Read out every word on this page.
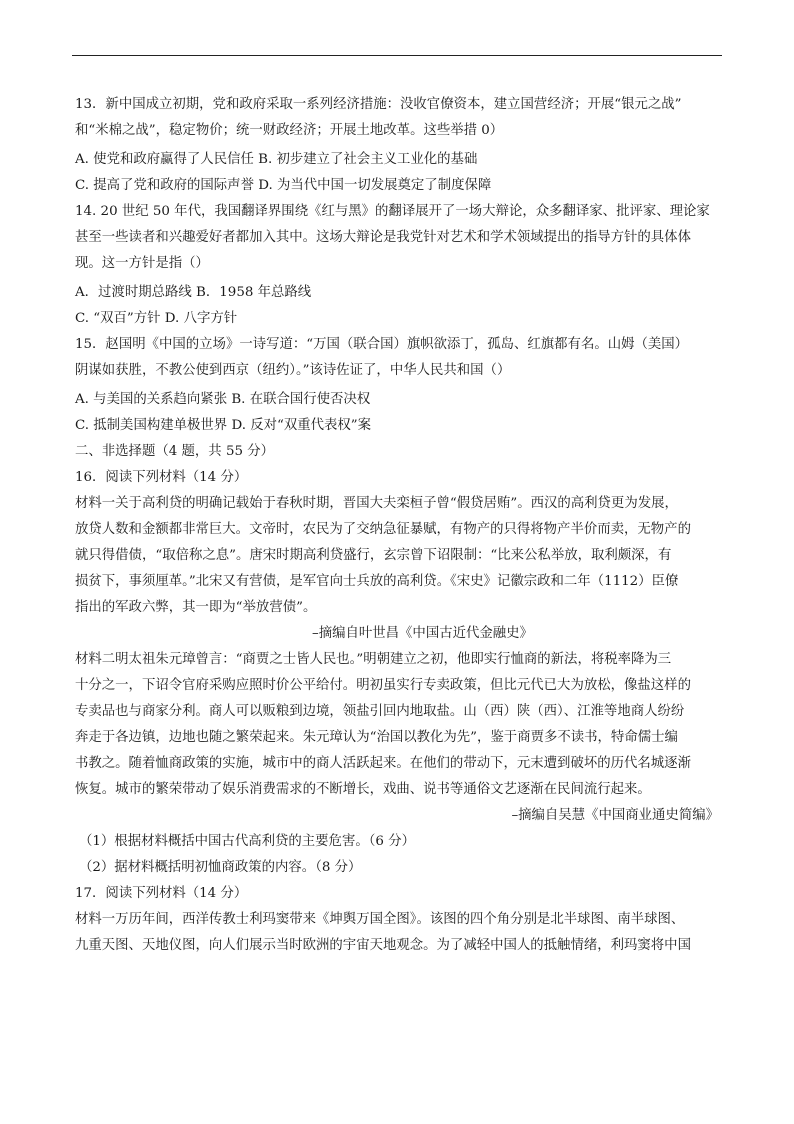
13．新中国成立初期，党和政府采取一系列经济措施：没收官僚资本，建立国营经济；开展“银元之战”

和“米棉之战”，稳定物价；统一财政经济；开展土地改革。这些举措 0）

A. 使党和政府赢得了人民信任 B. 初步建立了社会主义工业化的基础

C. 提高了党和政府的国际声誉 D. 为当代中国一切发展奠定了制度保障

14. 20 世纪 50 年代，我国翻译界围绕《红与黑》的翻译展开了一场大辩论，众多翻译家、批评家、理论家

甚至一些读者和兴趣爱好者都加入其中。这场大辩论是我党针对艺术和学术领域提出的指导方针的具体体

现。这一方针是指（）

A．过渡时期总路线 B．1958 年总路线

C. “双百”方针 D. 八字方针

15．赵国明《中国的立场》一诗写道：“万国（联合国）旗帜欲添丁，孤岛、红旗都有名。山姆（美国）

阴谋如获胜，不教公使到西京（纽约）。”该诗佐证了，中华人民共和国（）

A. 与美国的关系趋向紧张 B. 在联合国行使否决权

C. 抵制美国构建单极世界 D. 反对“双重代表权”案

二、非选择题（4 题，共 55 分）

16．阅读下列材料（14 分）

材料一关于高利贷的明确记载始于春秋时期，晋国大夫栾桓子曾“假贷居贿”。西汉的高利贷更为发展，

放贷人数和金额都非常巨大。文帝时，农民为了交纳急征暴赋，有物产的只得将物产半价而卖，无物产的

就只得借债，“取倍称之息”。唐宋时期高利贷盛行，玄宗曾下诏限制：“比来公私举放，取利颇深，有

损贫下，事须厘革。”北宋又有营债，是军官向士兵放的高利贷。《宋史》记徽宗政和二年（1112）臣僚

指出的军政六弊，其一即为“举放营债”。

–摘编自叶世昌《中国古近代金融史》

材料二明太祖朱元璋曾言：“商贾之士皆人民也。”明朝建立之初，他即实行恤商的新法，将税率降为三

十分之一，下诏令官府采购应照时价公平给付。明初虽实行专卖政策，但比元代已大为放松，像盐这样的

专卖品也与商家分利。商人可以贩粮到边境，领盐引回内地取盐。山（西）陕（西）、江淮等地商人纷纷

奔走于各边镇，边地也随之繁荣起来。朱元璋认为“治国以教化为先”，鉴于商贾多不读书，特命儒士编

书教之。随着恤商政策的实施，城市中的商人活跃起来。在他们的带动下，元末遭到破坏的历代名城逐渐

恢复。城市的繁荣带动了娱乐消费需求的不断增长，戏曲、说书等通俗文艺逐渐在民间流行起来。

–摘编自吴慧《中国商业通史简编》

（1）根据材料概括中国古代高利贷的主要危害。（6 分）

（2）据材料概括明初恤商政策的内容。（8 分）

17．阅读下列材料（14 分）

材料一万历年间，西洋传教士利玛窦带来《坤舆万国全图》。该图的四个角分别是北半球图、南半球图、

九重天图、天地仪图，向人们展示当时欧洲的宇宙天地观念。为了减轻中国人的抵触情绪，利玛窦将中国
